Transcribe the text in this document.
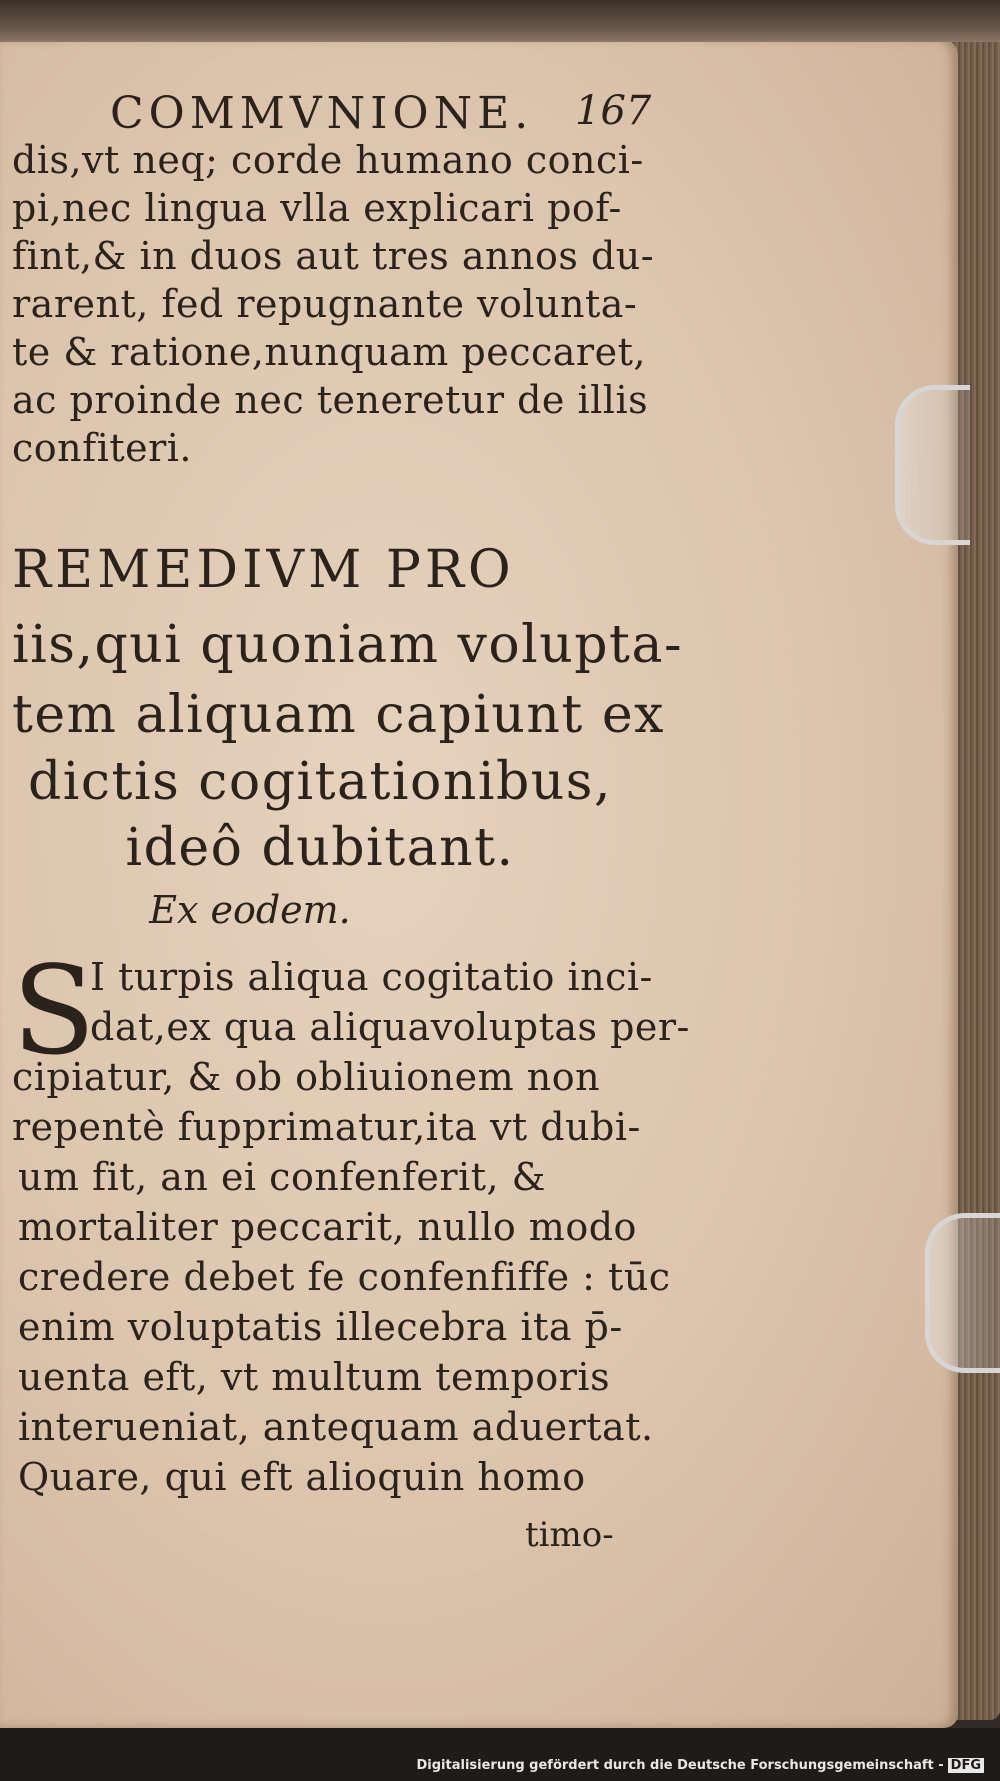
COMMVNIONE. 167
dis,vt neq; corde humano conci-
pi,nec lingua vlla explicari pof-
fint,& in duos aut tres annos du-
rarent, fed repugnante volunta-
te & ratione,nunquam peccaret,
ac proinde nec teneretur de illis
confiteri.
REMEDIVM PRO
iis,qui quoniam volupta-
tem aliquam capiunt ex
dictis cogitationibus,
ideô dubitant.
Ex eodem.
S
I turpis aliqua cogitatio inci-
dat,ex qua aliquavoluptas per-
cipiatur, & ob obliuionem non
repentè fupprimatur,ita vt dubi-
um fit, an ei confenferit, &
mortaliter peccarit, nullo modo
credere debet fe confenfiffe : tūc
enim voluptatis illecebra ita p̄-
uenta eft, vt multum temporis
interueniat, antequam aduertat.
Quare, qui eft alioquin homo
timo-
Digitalisierung gefördert durch die Deutsche Forschungsgemeinschaft - DFG
